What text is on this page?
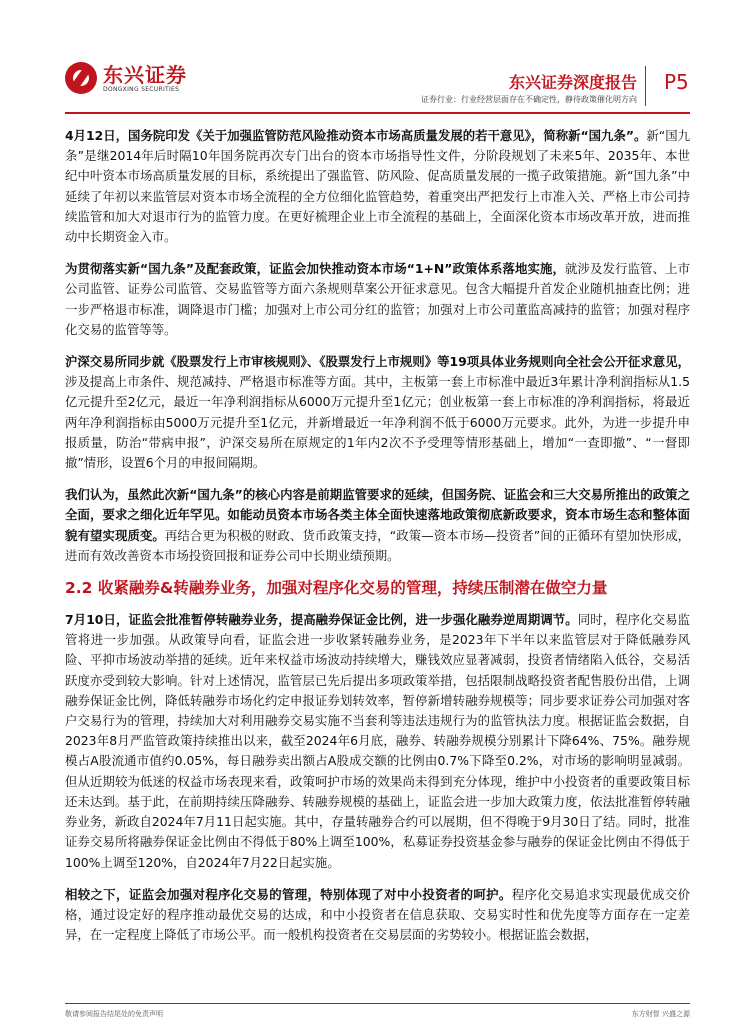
东兴证券
DONGXING SECURITIES	东兴证券深度报告
证券行业：行业经营层面存在不确定性，静待政策催化明方向
P5

4月12日，国务院印发《关于加强监管防范风险推动资本市场高质量发展的若干意见》，简称新“国九条”。新“国九条”是继2014年后时隔10年国务院再次专门出台的资本市场指导性文件，分阶段规划了未来5年、2035年、本世纪中叶资本市场高质量发展的目标，系统提出了强监管、防风险、促高质量发展的一揽子政策措施。新“国九条”中延续了年初以来监管层对资本市场全流程的全方位细化监管趋势，着重突出严把发行上市准入关、严格上市公司持续监管和加大对退市行为的监管力度。在更好梳理企业上市全流程的基础上，全面深化资本市场改革开放，进而推动中长期资金入市。

为贯彻落实新“国九条”及配套政策，证监会加快推动资本市场“1+N”政策体系落地实施，就涉及发行监管、上市公司监管、证券公司监管、交易监管等方面六条规则草案公开征求意见。包含大幅提升首发企业随机抽查比例；进一步严格退市标准，调降退市门槛；加强对上市公司分红的监管；加强对上市公司董监高减持的监管；加强对程序化交易的监管等等。

沪深交易所同步就《股票发行上市审核规则》、《股票发行上市规则》等19项具体业务规则向全社会公开征求意见，涉及提高上市条件、规范减持、严格退市标准等方面。其中，主板第一套上市标准中最近3年累计净利润指标从1.5亿元提升至2亿元，最近一年净利润指标从6000万元提升至1亿元；创业板第一套上市标准的净利润指标，将最近两年净利润指标由5000万元提升至1亿元，并新增最近一年净利润不低于6000万元要求。此外，为进一步提升申报质量，防治“带病申报”，沪深交易所在原规定的1年内2次不予受理等情形基础上，增加“一查即撤”、“一督即撤”情形，设置6个月的申报间隔期。

我们认为，虽然此次新“国九条”的核心内容是前期监管要求的延续，但国务院、证监会和三大交易所推出的政策之全面，要求之细化近年罕见。如能动员资本市场各类主体全面快速落地政策彻底新政要求，资本市场生态和整体面貌有望实现质变。再结合更为积极的财政、货币政策支持，“政策—资本市场—投资者”间的正循环有望加快形成，进而有效改善资本市场投资回报和证券公司中长期业绩预期。

2.2 收紧融券&转融券业务，加强对程序化交易的管理，持续压制潜在做空力量

7月10日，证监会批准暂停转融券业务，提高融券保证金比例，进一步强化融券逆周期调节。同时，程序化交易监管将进一步加强。从政策导向看，证监会进一步收紧转融券业务，是2023年下半年以来监管层对于降低融券风险、平抑市场波动举措的延续。近年来权益市场波动持续增大，赚钱效应显著减弱，投资者情绪陷入低谷，交易活跃度亦受到较大影响。针对上述情况，监管层已先后提出多项政策举措，包括限制战略投资者配售股份出借，上调融券保证金比例，降低转融券市场化约定申报证券划转效率，暂停新增转融券规模等；同步要求证券公司加强对客户交易行为的管理，持续加大对利用融券交易实施不当套利等违法违规行为的监管执法力度。根据证监会数据，自2023年8月严监管政策持续推出以来，截至2024年6月底，融券、转融券规模分别累计下降64%、75%。融券规模占A股流通市值约0.05%，每日融券卖出额占A股成交额的比例由0.7%下降至0.2%，对市场的影响明显减弱。但从近期较为低迷的权益市场表现来看，政策呵护市场的效果尚未得到充分体现，维护中小投资者的重要政策目标还未达到。基于此，在前期持续压降融券、转融券规模的基础上，证监会进一步加大政策力度，依法批准暂停转融券业务，新政自2024年7月11日起实施。其中，存量转融券合约可以展期，但不得晚于9月30日了结。同时，批准证券交易所将融券保证金比例由不得低于80%上调至100%，私募证券投资基金参与融券的保证金比例由不得低于100%上调至120%，自2024年7月22日起实施。

相较之下，证监会加强对程序化交易的管理，特别体现了对中小投资者的呵护。程序化交易追求实现最优成交价格，通过设定好的程序推动最优交易的达成，和中小投资者在信息获取、交易实时性和优先度等方面存在一定差异，在一定程度上降低了市场公平。而一般机构投资者在交易层面的劣势较小。根据证监会数据，

敬请参阅报告结尾处的免责声明	东方财智 兴盛之源
